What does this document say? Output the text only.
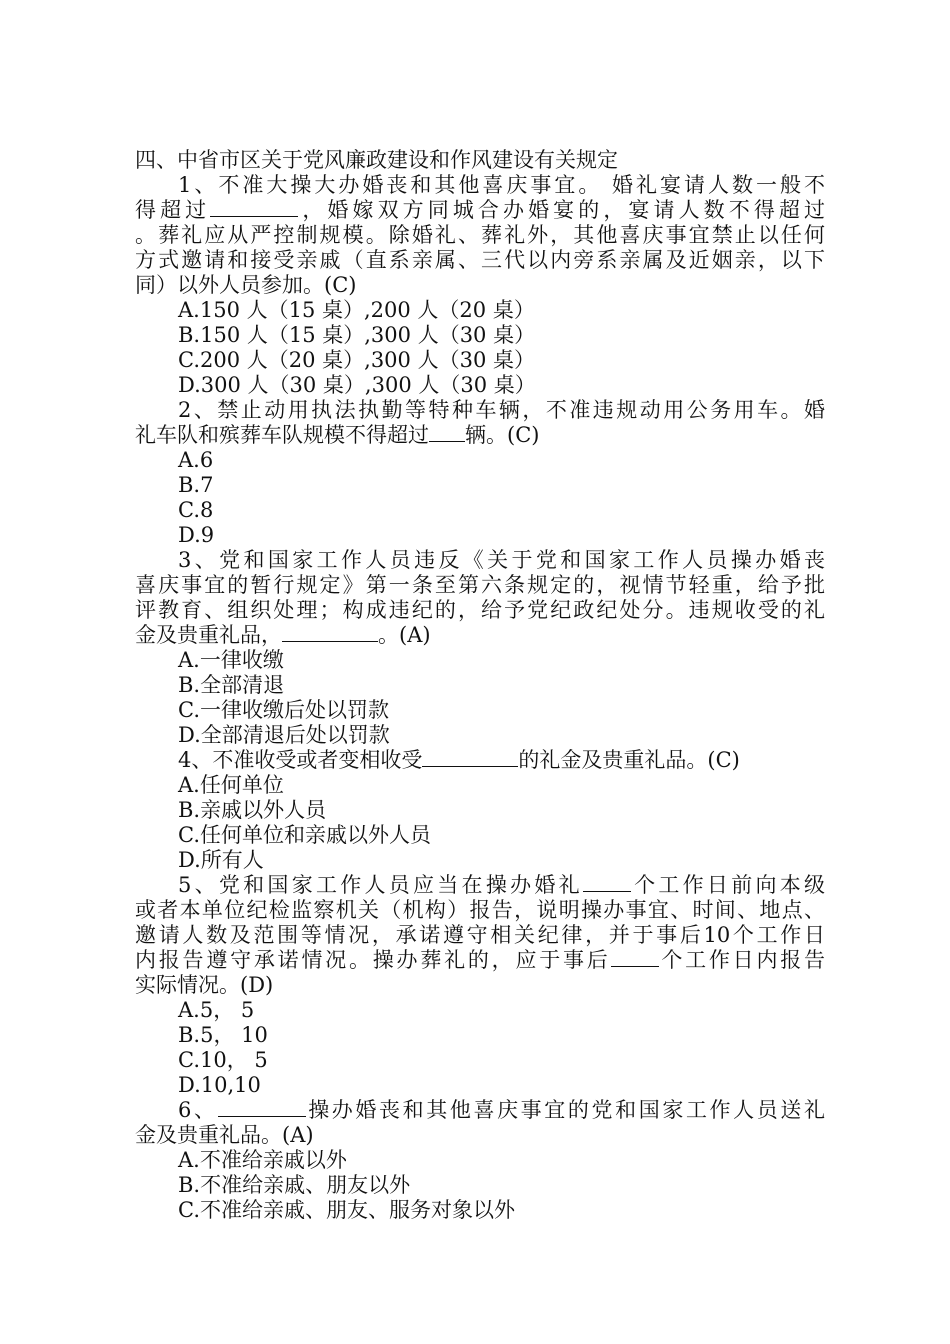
四、中省市区关于党风廉政建设和作风建设有关规定
1、不准大操大办婚丧和其他喜庆事宜。 婚礼宴请人数一般不
得超过	，婚嫁双方同城合办婚宴的，宴请人数不得超过
。葬礼应从严控制规模。除婚礼、葬礼外，其他喜庆事宜禁止以任何
方式邀请和接受亲戚（直系亲属、三代以内旁系亲属及近姻亲，以下
同）以外人员参加。(C)
A.150 人（15 桌）,200 人（20 桌）
B.150 人（15 桌）,300 人（30 桌）
C.200 人（20 桌）,300 人（30 桌）
D.300 人（30 桌）,300 人（30 桌）
2、禁止动用执法执勤等特种车辆，不准违规动用公务用车。婚
礼车队和殡葬车队规模不得超过 辆。(C)
A.6
B.7
C.8
D.9
3、党和国家工作人员违反《关于党和国家工作人员操办婚丧
喜庆事宜的暂行规定》第一条至第六条规定的，视情节轻重，给予批
评教育、组织处理；构成违纪的，给予党纪政纪处分。违规收受的礼
金及贵重礼品，	。(A)
A.一律收缴
B.全部清退
C.一律收缴后处以罚款
D.全部清退后处以罚款
4、不准收受或者变相收受	的礼金及贵重礼品。(C)
A.任何单位
B.亲戚以外人员
C.任何单位和亲戚以外人员
D.所有人
5、党和国家工作人员应当在操办婚礼 个工作日前向本级
或者本单位纪检监察机关（机构）报告，说明操办事宜、时间、地点、
邀请人数及范围等情况，承诺遵守相关纪律，并于事后10个工作日
内报告遵守承诺情况。操办葬礼的，应于事后 个工作日内报告
实际情况。(D)
A.5， 5
B.5， 10
C.10， 5
D.10,10
6、	操办婚丧和其他喜庆事宜的党和国家工作人员送礼
金及贵重礼品。(A)
A.不准给亲戚以外
B.不准给亲戚、朋友以外
C.不准给亲戚、朋友、服务对象以外
